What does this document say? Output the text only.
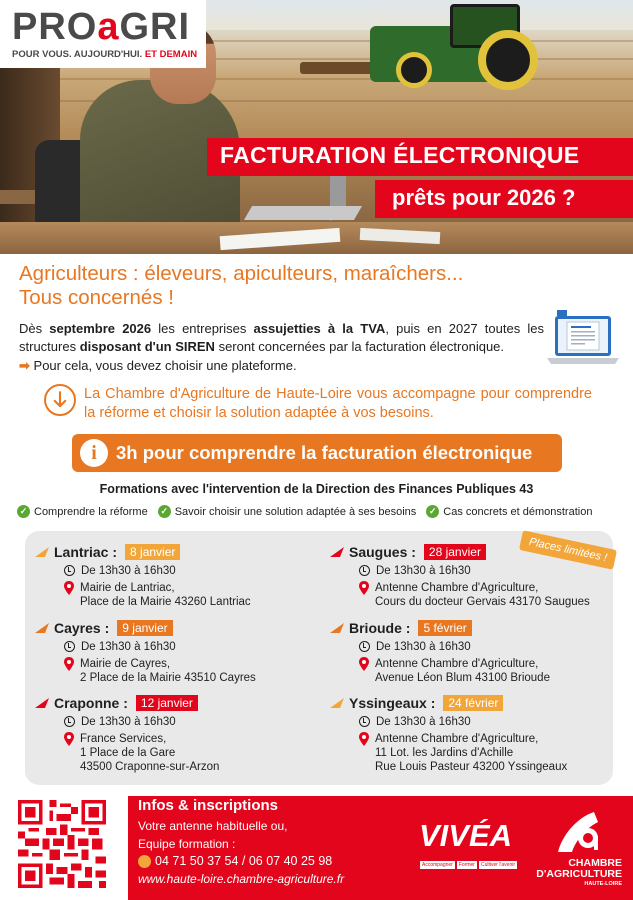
PROaGRI
POUR VOUS. AUJOURD'HUI. ET DEMAIN
FACTURATION ÉLECTRONIQUE
prêts pour 2026 ?
Agriculteurs : éleveurs, apiculteurs, maraîchers...
Tous concernés !
Dès septembre 2026 les entreprises assujetties à la TVA, puis en 2027 toutes les structures disposant d'un SIREN seront concernées par la facturation électronique.
➡ Pour cela, vous devez choisir une plateforme.
La Chambre d'Agriculture de Haute-Loire vous accompagne pour comprendre la réforme et choisir la solution adaptée à vos besoins.
i	3h pour comprendre la facturation électronique
Formations avec l'intervention de la Direction des Finances Publiques 43
✓ Comprendre la réforme	✓ Savoir choisir une solution adaptée à ses besoins	✓ Cas concrets et démonstration
Places limitées !
Lantriac :	8 janvier
De 13h30 à 16h30
Mairie de Lantriac,
Place de la Mairie 43260 Lantriac
Cayres :	9 janvier
De 13h30 à 16h30
Mairie de Cayres,
2 Place de la Mairie 43510 Cayres
Craponne :	12 janvier
De 13h30 à 16h30
France Services,
1 Place de la Gare
43500 Craponne-sur-Arzon
Saugues :	28 janvier
De 13h30 à 16h30
Antenne Chambre d'Agriculture,
Cours du docteur Gervais 43170 Saugues
Brioude :	5 février
De 13h30 à 16h30
Antenne Chambre d'Agriculture,
Avenue Léon Blum 43100 Brioude
Yssingeaux :	24 février
De 13h30 à 16h30
Antenne Chambre d'Agriculture,
11 Lot. les Jardins d'Achille
Rue Louis Pasteur 43200 Yssingeaux
Infos & inscriptions
Votre antenne habituelle ou,
Equipe formation :
04 71 50 37 54 / 06 07 40 25 98
www.haute-loire.chambre-agriculture.fr
VIVÉA
Accompagner	Former	Cultiver l'avenir	CHAMBRE
D'AGRICULTURE
HAUTE-LOIRE
